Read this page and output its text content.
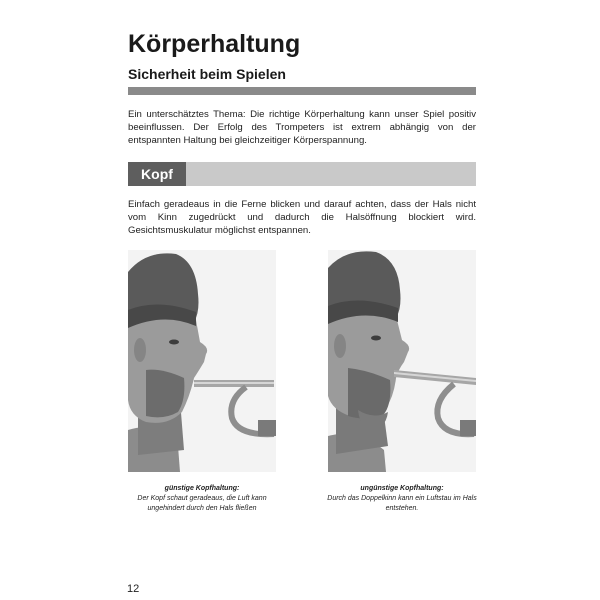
Körperhaltung
Sicherheit beim Spielen
Ein unterschätztes Thema: Die richtige Körperhaltung kann unser Spiel positiv beeinflussen. Der Erfolg des Trompeters ist extrem abhängig von der entspannten Haltung bei gleichzeitiger Körperspannung.
Kopf
Einfach geradeaus in die Ferne blicken und darauf achten, dass der Hals nicht vom Kinn zugedrückt und dadurch die Halsöffnung blockiert wird. Gesichtsmuskulatur möglichst entspannen.
günstige Kopfhaltung:
Der Kopf schaut geradeaus, die Luft kann ungehindert durch den Hals fließen
ungünstige Kopfhaltung:
Durch das Doppelkinn kann ein Luftstau im Hals entstehen.
12
